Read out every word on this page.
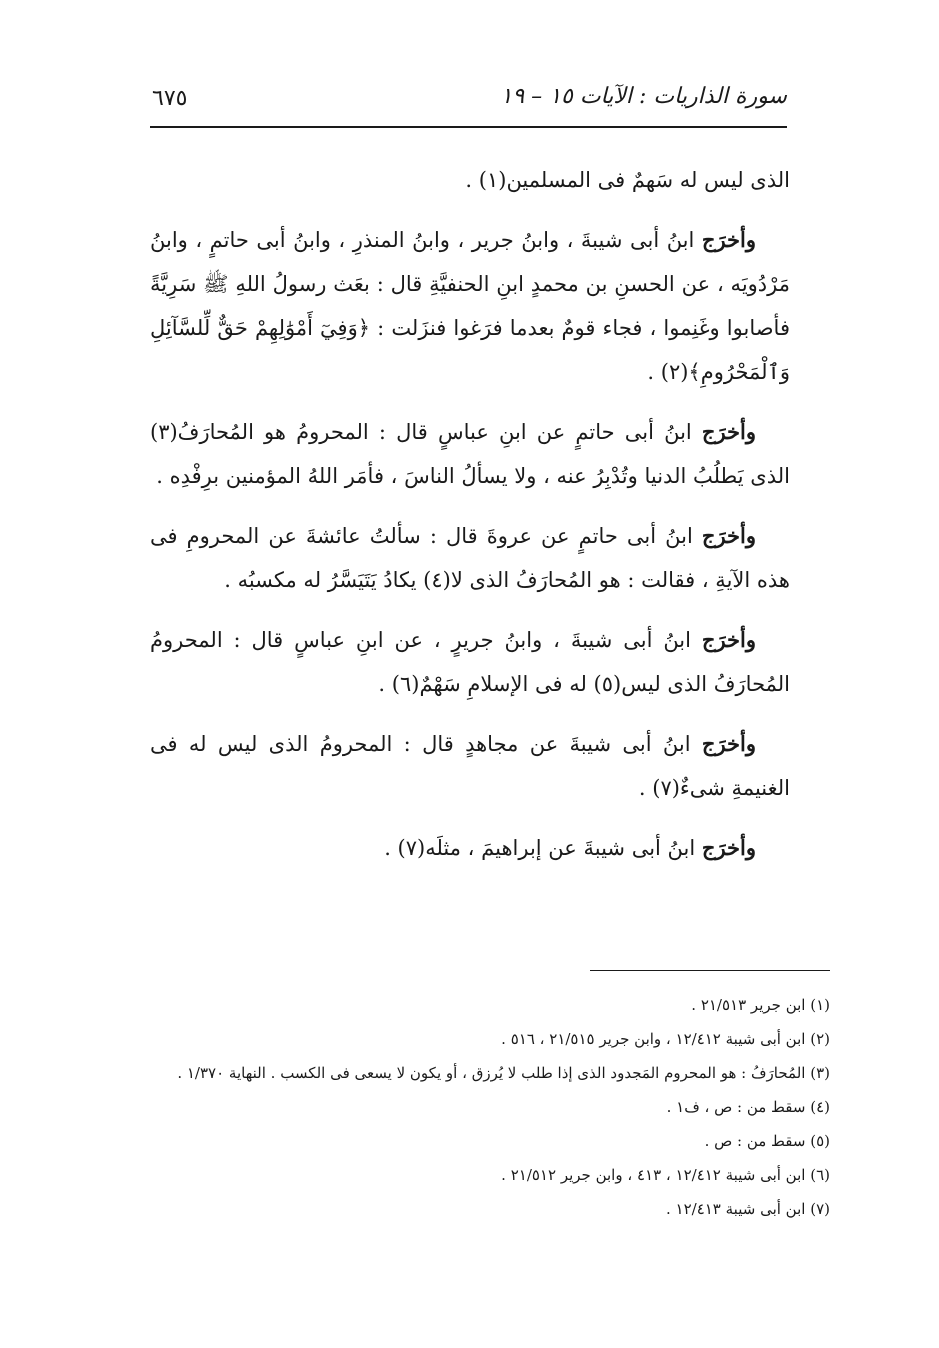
٦٧٥	سورة الذاريات : الآيات ١٥ – ١٩

الذى ليس له سَهمٌ فى المسلمين(١) .

وأخرَج ابنُ أبى شيبةَ ، وابنُ جرير ، وابنُ المنذرِ ، وابنُ أبى حاتمٍ ، وابنُ مَرْدُويَه ، عن الحسنِ بن محمدٍ ابنِ الحنفيَّةِ قال : بعَث رسولُ اللهِ ﷺ سَرِيَّةً فأصابوا وغَنِموا ، فجاء قومٌ بعدما فرَغوا فنزَلت : ﴿وَفِيٓ أَمْوَٰلِهِمْ حَقٌّ لِّلسَّآئِلِ وَٱلْمَحْرُومِ﴾(٢) .

وأخرَج ابنُ أبى حاتمٍ عن ابنِ عباسٍ قال : المحرومُ هو المُحارَفُ(٣) الذى يَطلُبُ الدنيا وتُدْبِرُ عنه ، ولا يسألُ الناسَ ، فأمَر اللهُ المؤمنين برِفْدِه .

وأخرَج ابنُ أبى حاتمٍ عن عروةَ قال : سألتُ عائشةَ عن المحرومِ فى هذه الآيةِ ، فقالت : هو المُحارَفُ الذى لا(٤) يكادُ يَتَيَسَّرُ له مكسبُه .

وأخرَج ابنُ أبى شيبةَ ، وابنُ جريرٍ ، عن ابنِ عباسٍ قال : المحرومُ المُحارَفُ الذى ليس(٥) له فى الإسلامِ سَهْمٌ(٦) .

وأخرَج ابنُ أبى شيبةَ عن مجاهدٍ قال : المحرومُ الذى ليس له فى الغنيمةِ شىءٌ(٧) .

وأخرَج ابنُ أبى شيبةَ عن إبراهيمَ ، مثلَه(٧) .

(١) ابن جرير ٢١/٥١٣ .

(٢) ابن أبى شيبة ١٢/٤١٢ ، وابن جرير ٢١/٥١٥ ، ٥١٦ .

(٣) المُحارَفُ : هو المحروم المَجدود الذى إذا طلب لا يُرزق ، أو يكون لا يسعى فى الكسب . النهاية ١/٣٧٠ .

(٤) سقط من : ص ، ف١ .

(٥) سقط من : ص .

(٦) ابن أبى شيبة ١٢/٤١٢ ، ٤١٣ ، وابن جرير ٢١/٥١٢ .

(٧) ابن أبى شيبة ١٢/٤١٣ .
